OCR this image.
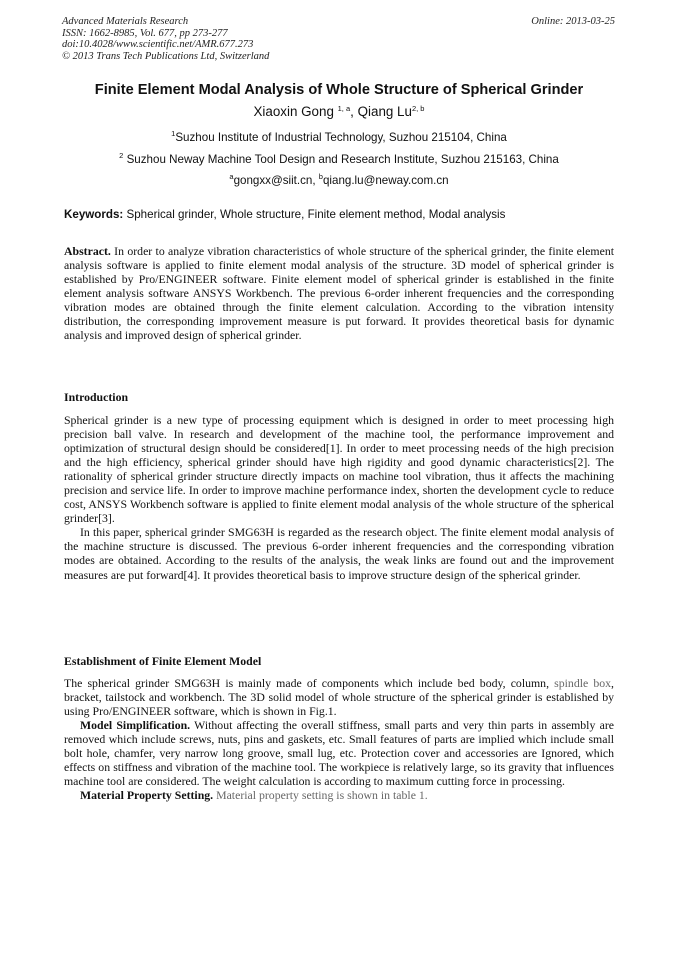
Advanced Materials Research
ISSN: 1662-8985, Vol. 677, pp 273-277
doi:10.4028/www.scientific.net/AMR.677.273
© 2013 Trans Tech Publications Ltd, Switzerland
Online: 2013-03-25
Finite Element Modal Analysis of Whole Structure of Spherical Grinder
Xiaoxin Gong $^{1, a}$, Qiang Lu$^{2, b}$
$^1$Suzhou Institute of Industrial Technology, Suzhou 215104, China
$^2$ Suzhou Neway Machine Tool Design and Research Institute, Suzhou 215163, China
$^a$gongxx@siit.cn, $^b$qiang.lu@neway.com.cn
Keywords: Spherical grinder, Whole structure, Finite element method, Modal analysis

Abstract. In order to analyze vibration characteristics of whole structure of the spherical grinder, the finite element analysis software is applied to finite element modal analysis of the structure. 3D model of spherical grinder is established by Pro/ENGINEER software. Finite element model of spherical grinder is established in the finite element analysis software ANSYS Workbench. The previous 6-order inherent frequencies and the corresponding vibration modes are obtained through the finite element calculation. According to the vibration intensity distribution, the corresponding improvement measure is put forward. It provides theoretical basis for dynamic analysis and improved design of spherical grinder.

Introduction

Spherical grinder is a new type of processing equipment which is designed in order to meet processing high precision ball valve. In research and development of the machine tool, the performance improvement and optimization of structural design should be considered[1]. In order to meet processing needs of the high precision and the high efficiency, spherical grinder should have high rigidity and good dynamic characteristics[2]. The rationality of spherical grinder structure directly impacts on machine tool vibration, thus it affects the machining precision and service life. In order to improve machine performance index, shorten the development cycle to reduce cost, ANSYS Workbench software is applied to finite element modal analysis of the whole structure of the spherical grinder[3].

In this paper, spherical grinder SMG63H is regarded as the research object. The finite element modal analysis of the machine structure is discussed. The previous 6-order inherent frequencies and the corresponding vibration modes are obtained. According to the results of the analysis, the weak links are found out and the improvement measures are put forward[4]. It provides theoretical basis to improve structure design of the spherical grinder.

Establishment of Finite Element Model

The spherical grinder SMG63H is mainly made of components which include bed body, column, spindle box, bracket, tailstock and workbench. The 3D solid model of whole structure of the spherical grinder is established by using Pro/ENGINEER software, which is shown in Fig.1.

Model Simplification. Without affecting the overall stiffness, small parts and very thin parts in assembly are removed which include screws, nuts, pins and gaskets, etc. Small features of parts are implied which include small bolt hole, chamfer, very narrow long groove, small lug, etc. Protection cover and accessories are Ignored, which effects on stiffness and vibration of the machine tool. The workpiece is relatively large, so its gravity that influences machine tool are considered. The weight calculation is according to maximum cutting force in processing.

Material Property Setting. Material property setting is shown in table 1.
